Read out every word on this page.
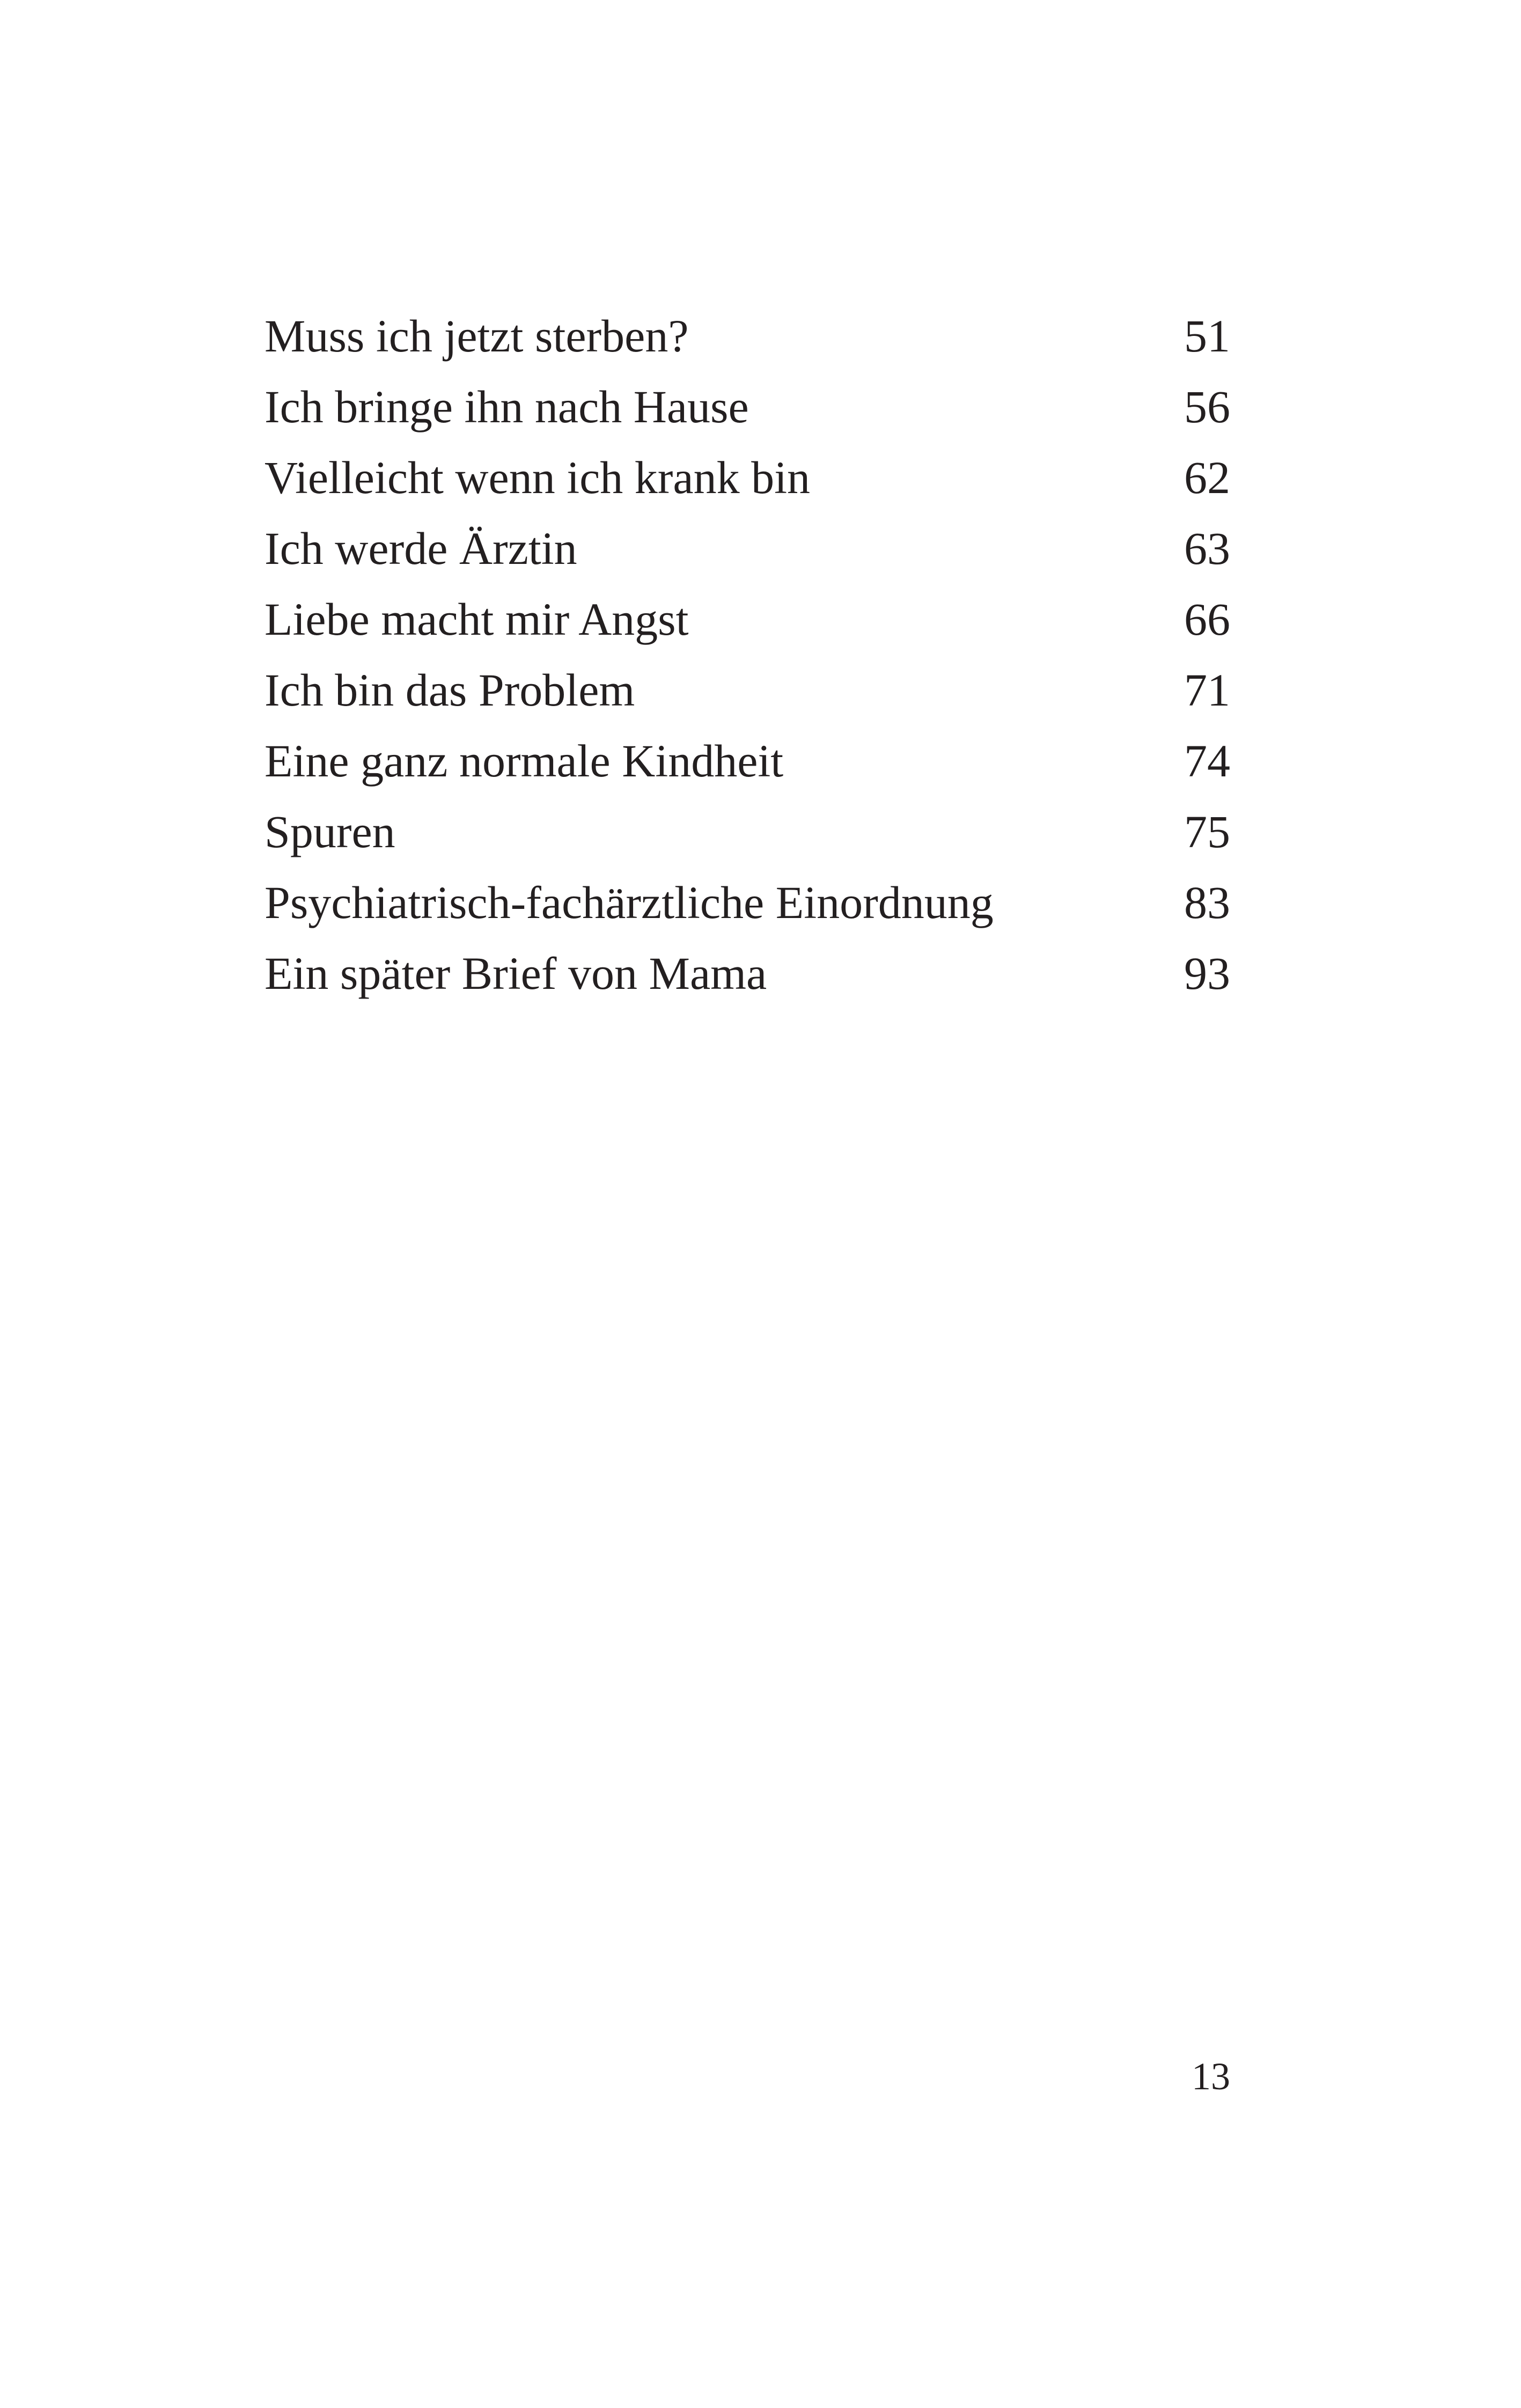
Muss ich jetzt sterben?	51
Ich bringe ihn nach Hause	56
Vielleicht wenn ich krank bin	62
Ich werde Ärztin	63
Liebe macht mir Angst	66
Ich bin das Problem	71
Eine ganz normale Kindheit	74
Spuren	75
Psychiatrisch-fachärztliche Einordnung	83
Ein später Brief von Mama	93
13
